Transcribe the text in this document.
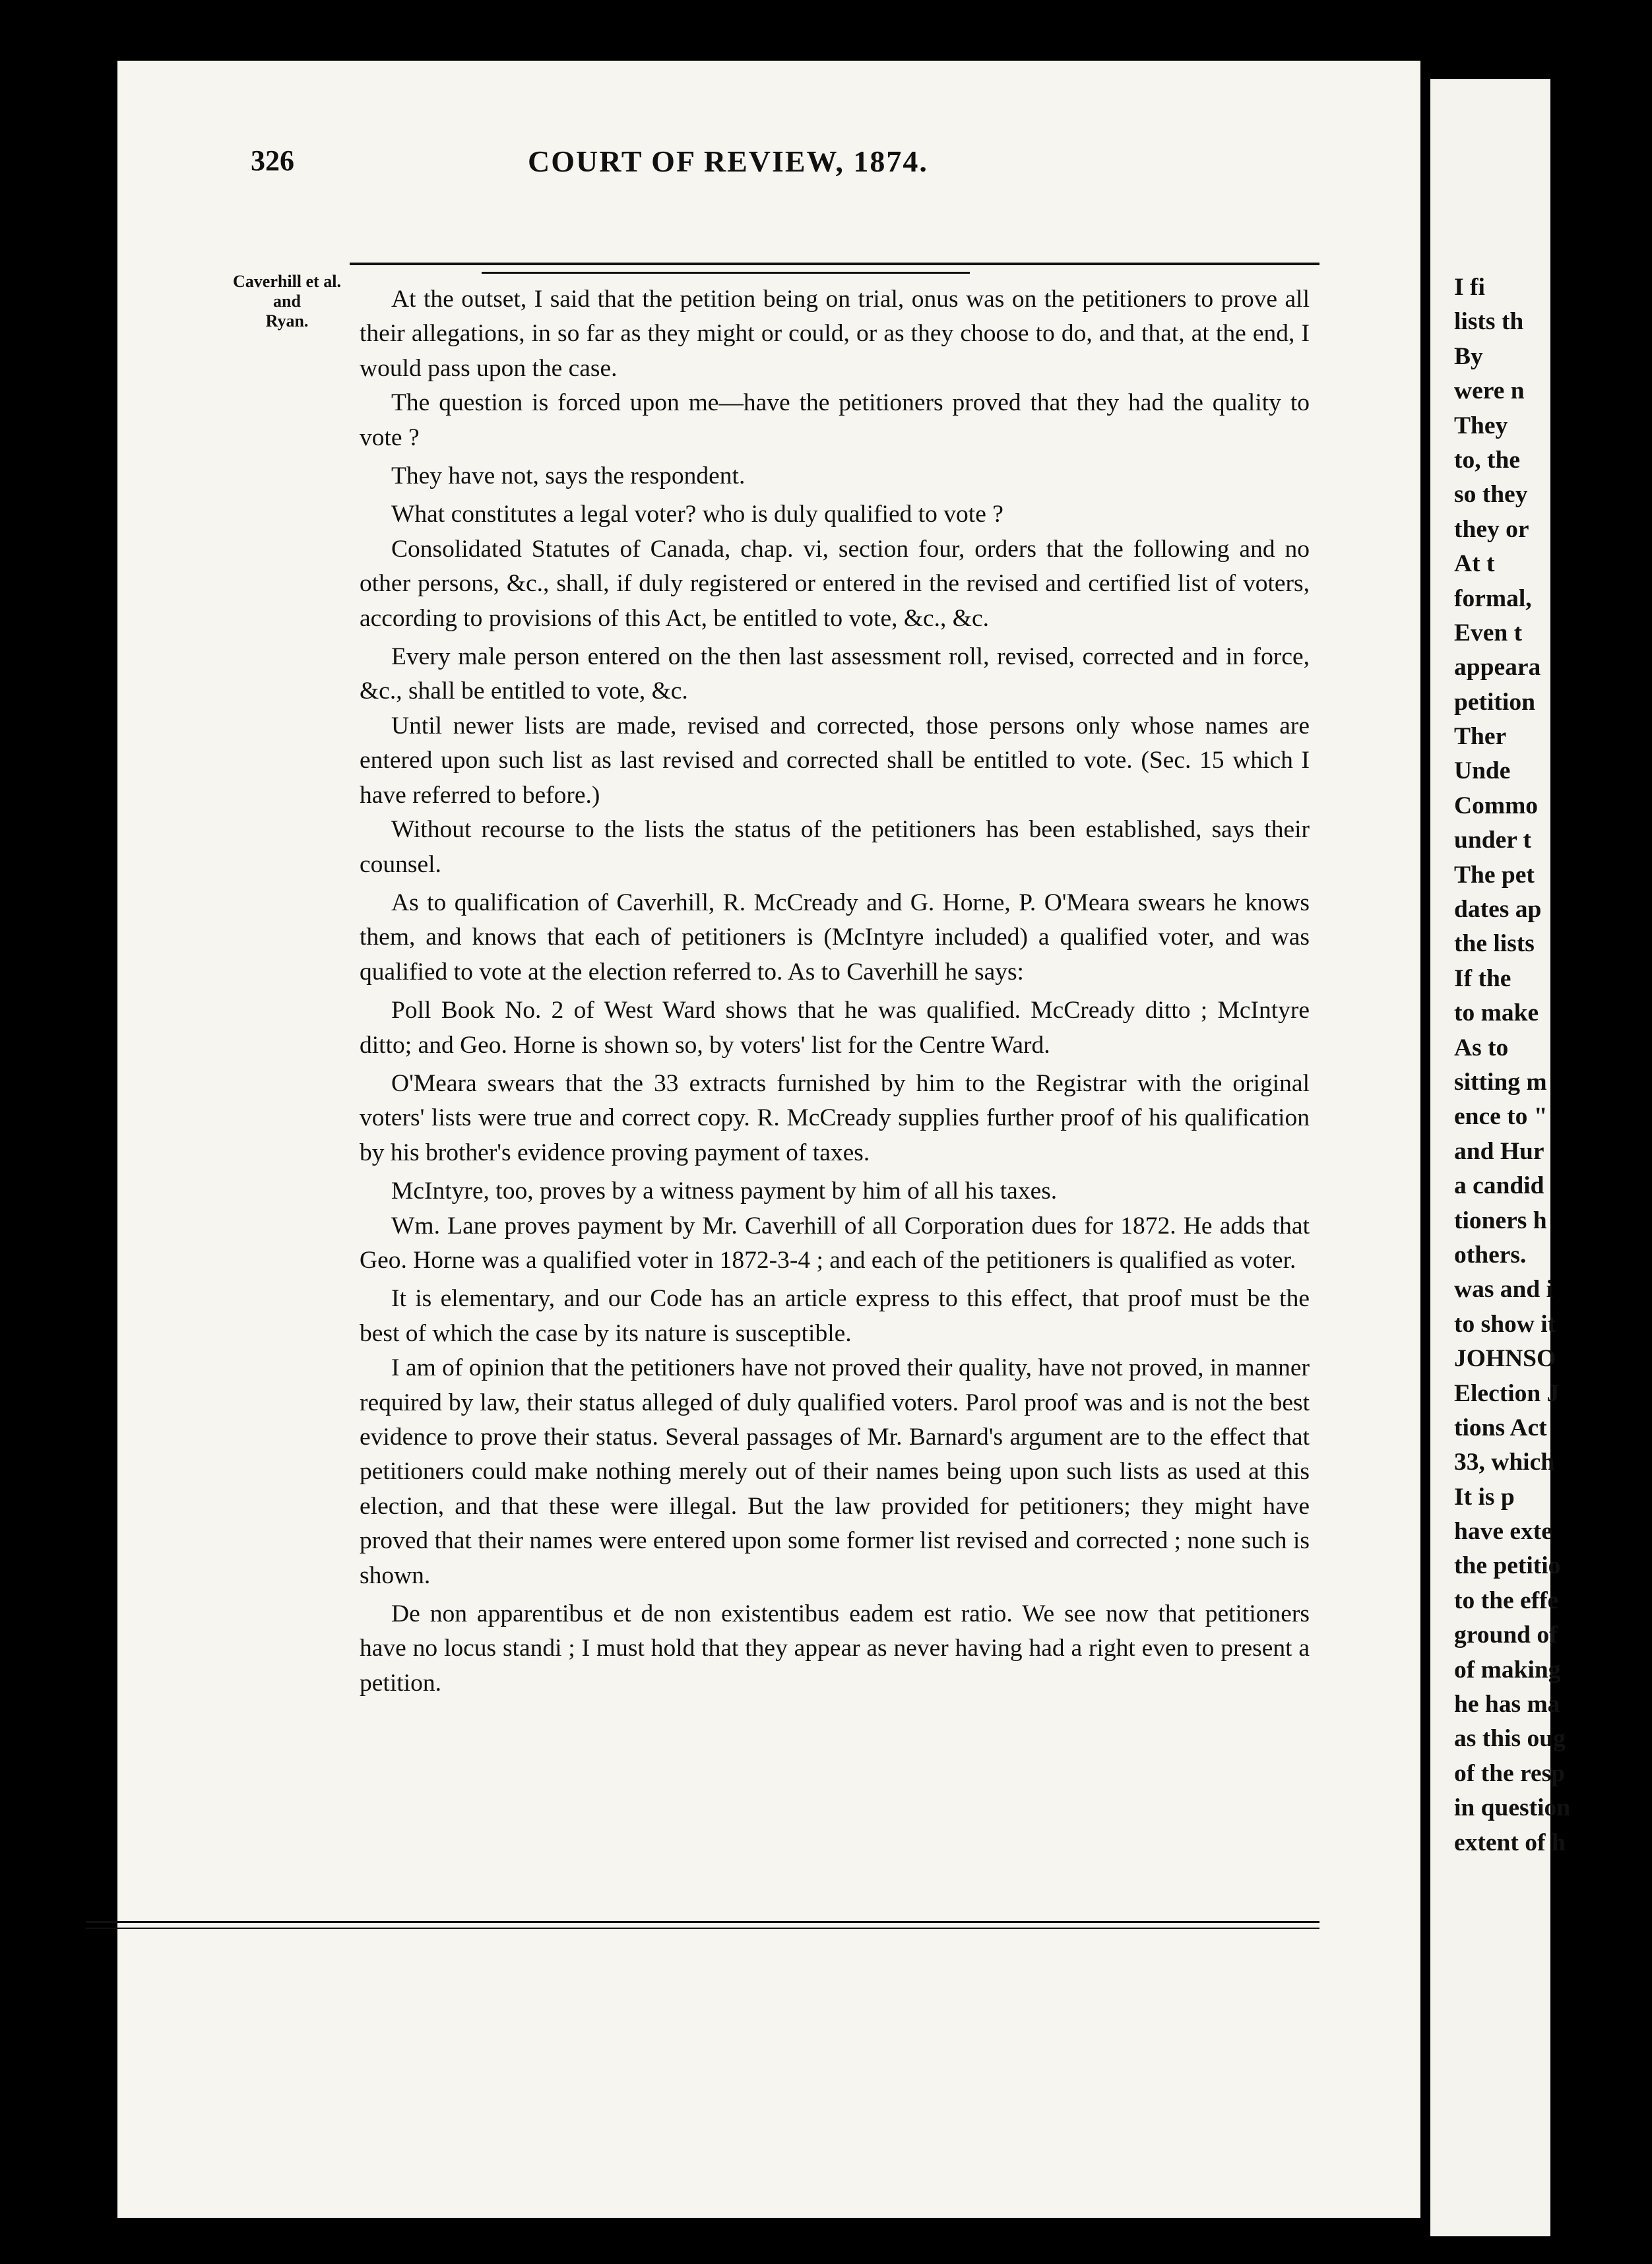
I fi
lists th
By
were n
They
to, the
so they
they or
At t
formal,
Even t
appeara
petition
Ther
Unde
Commo
under t
The pet
dates ap
the lists
If the
to make
As to
sitting m
ence to "
and Hur
a candid
tioners h
others.
was and i
to show it
JOHNSO
Election J
tions Act
33, which
It is p
have exte
the petitio
to the effe
ground of
of making
he has ma
as this oug
of the resp
in question
extent of h
326	COURT OF REVIEW, 1874.
Caverhill et al.
and
Ryan.

At the outset, I said that the petition being on trial, onus was on the petitioners to prove all their allegations, in so far as they might or could, or as they choose to do, and that, at the end, I would pass upon the case.

The question is forced upon me—have the petitioners proved that they had the quality to vote ?

They have not, says the respondent.

What constitutes a legal voter? who is duly qualified to vote ?

Consolidated Statutes of Canada, chap. vi, section four, orders that the following and no other persons, &c., shall, if duly registered or entered in the revised and certified list of voters, according to provisions of this Act, be entitled to vote, &c., &c.

Every male person entered on the then last assessment roll, revised, corrected and in force, &c., shall be entitled to vote, &c.

Until newer lists are made, revised and corrected, those persons only whose names are entered upon such list as last revised and corrected shall be entitled to vote. (Sec. 15 which I have referred to before.)

Without recourse to the lists the status of the petitioners has been established, says their counsel.

As to qualification of Caverhill, R. McCready and G. Horne, P. O'Meara swears he knows them, and knows that each of petitioners is (McIntyre included) a qualified voter, and was qualified to vote at the election referred to. As to Caverhill he says:

Poll Book No. 2 of West Ward shows that he was qualified. McCready ditto ; McIntyre ditto; and Geo. Horne is shown so, by voters' list for the Centre Ward.

O'Meara swears that the 33 extracts furnished by him to the Registrar with the original voters' lists were true and correct copy. R. McCready supplies further proof of his qualification by his brother's evidence proving payment of taxes.

McIntyre, too, proves by a witness payment by him of all his taxes.

Wm. Lane proves payment by Mr. Caverhill of all Corporation dues for 1872. He adds that Geo. Horne was a qualified voter in 1872-3-4 ; and each of the petitioners is qualified as voter.

It is elementary, and our Code has an article express to this effect, that proof must be the best of which the case by its nature is susceptible.

I am of opinion that the petitioners have not proved their quality, have not proved, in manner required by law, their status alleged of duly qualified voters. Parol proof was and is not the best evidence to prove their status. Several passages of Mr. Barnard's argument are to the effect that petitioners could make nothing merely out of their names being upon such lists as used at this election, and that these were illegal. But the law provided for petitioners; they might have proved that their names were entered upon some former list revised and corrected ; none such is shown.

De non apparentibus et de non existentibus eadem est ratio. We see now that petitioners have no locus standi ; I must hold that they appear as never having had a right even to present a petition.
